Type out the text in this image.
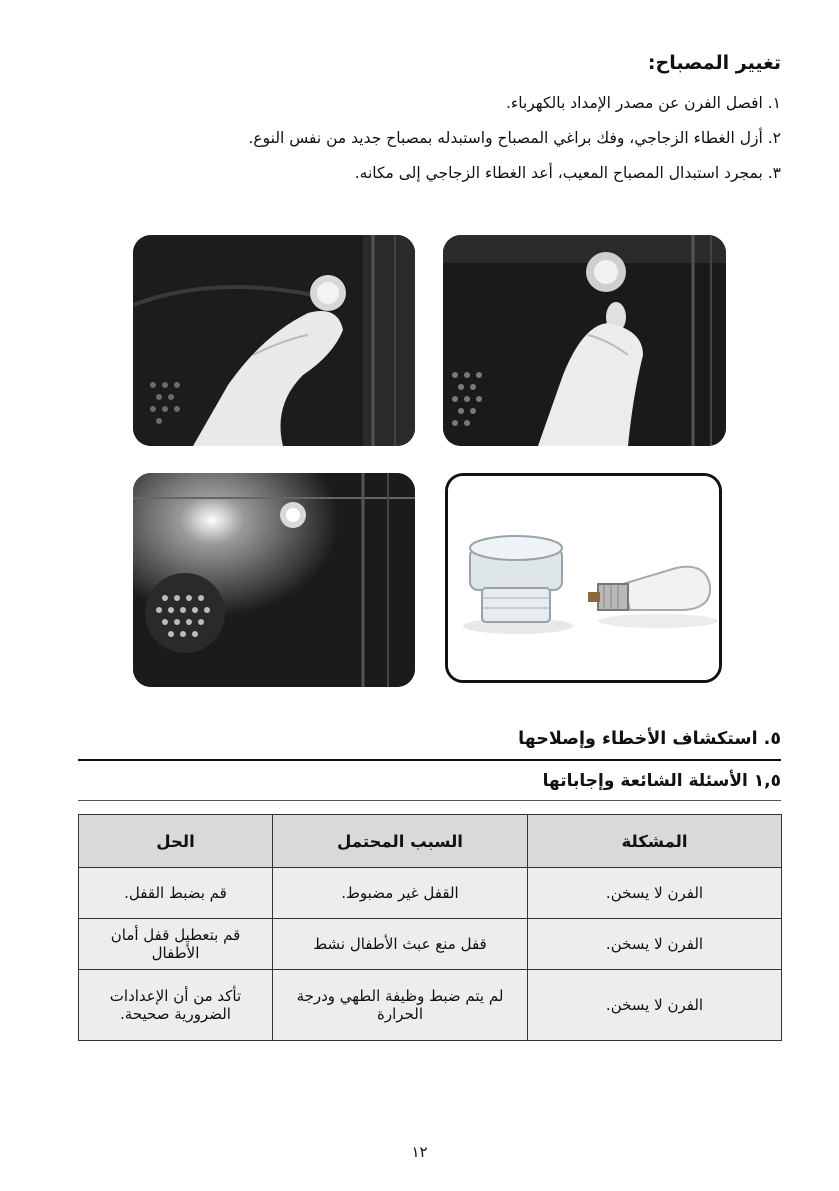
تغيير المصباح:

١. افصل الفرن عن مصدر الإمداد بالكهرباء.

٢. أزل الغطاء الزجاجي، وفك براغي المصباح واستبدله بمصباح جديد من نفس النوع.

٣. بمجرد استبدال المصباح المعيب، أعد الغطاء الزجاجي إلى مكانه.

٥. استكشاف الأخطاء وإصلاحها
١,٥ الأسئلة الشائعة وإجاباتها
المشكلة	السبب المحتمل	الحل
الفرن لا يسخن.	القفل غير مضبوط.	قم بضبط القفل.
الفرن لا يسخن.	قفل منع عبث الأطفال نشط	قم بتعطيل قفل أمان الأطفال
الفرن لا يسخن.	لم يتم ضبط وظيفة الطهي ودرجة الحرارة	تأكد من أن الإعدادات الضرورية صحيحة.

١٢
